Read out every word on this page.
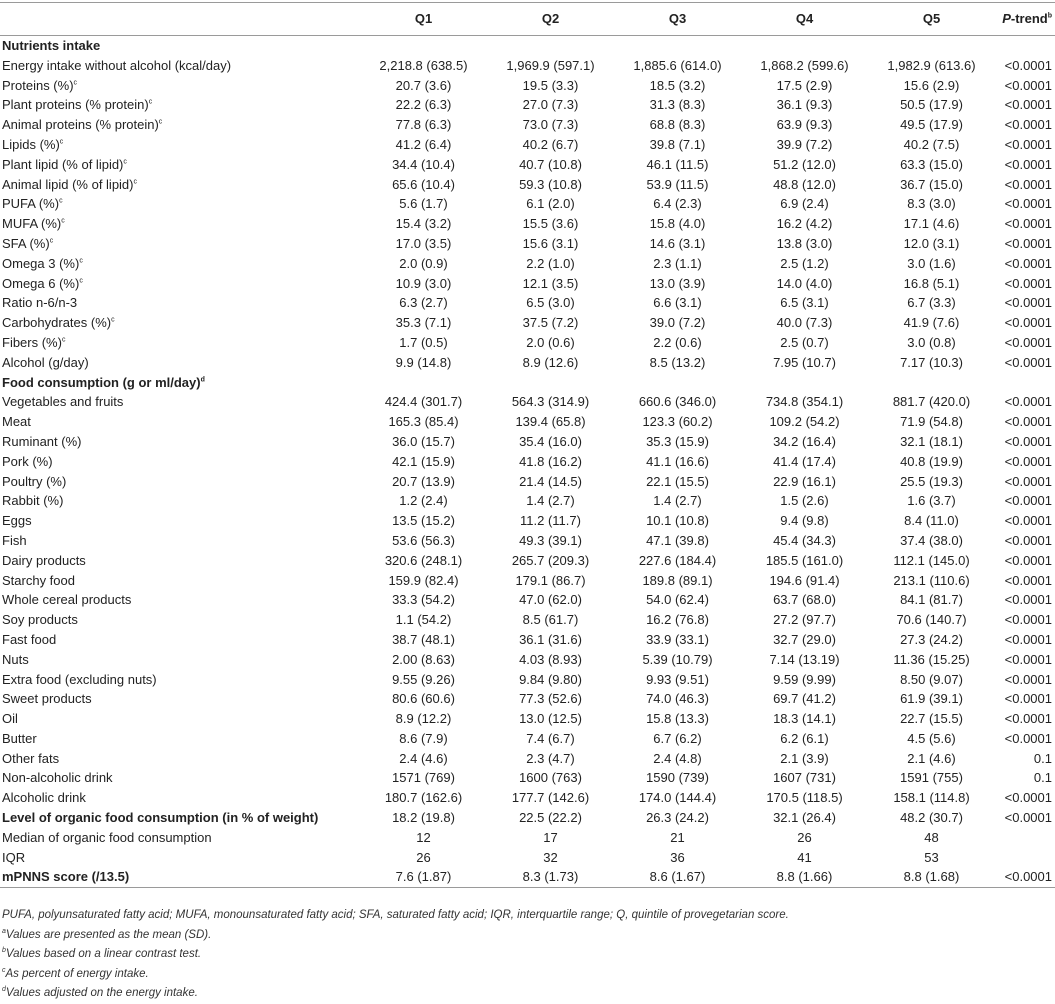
	Q1	Q2	Q3	Q4	Q5	P-trend$^b$
Nutrients intake						
Energy intake without alcohol (kcal/day)	2,218.8 (638.5)	1,969.9 (597.1)	1,885.6 (614.0)	1,868.2 (599.6)	1,982.9 (613.6)	<0.0001
Proteins (%)$^c$	20.7 (3.6)	19.5 (3.3)	18.5 (3.2)	17.5 (2.9)	15.6 (2.9)	<0.0001
Plant proteins (% protein)$^c$	22.2 (6.3)	27.0 (7.3)	31.3 (8.3)	36.1 (9.3)	50.5 (17.9)	<0.0001
Animal proteins (% protein)$^c$	77.8 (6.3)	73.0 (7.3)	68.8 (8.3)	63.9 (9.3)	49.5 (17.9)	<0.0001
Lipids (%)$^c$	41.2 (6.4)	40.2 (6.7)	39.8 (7.1)	39.9 (7.2)	40.2 (7.5)	<0.0001
Plant lipid (% of lipid)$^c$	34.4 (10.4)	40.7 (10.8)	46.1 (11.5)	51.2 (12.0)	63.3 (15.0)	<0.0001
Animal lipid (% of lipid)$^c$	65.6 (10.4)	59.3 (10.8)	53.9 (11.5)	48.8 (12.0)	36.7 (15.0)	<0.0001
PUFA (%)$^c$	5.6 (1.7)	6.1 (2.0)	6.4 (2.3)	6.9 (2.4)	8.3 (3.0)	<0.0001
MUFA (%)$^c$	15.4 (3.2)	15.5 (3.6)	15.8 (4.0)	16.2 (4.2)	17.1 (4.6)	<0.0001
SFA (%)$^c$	17.0 (3.5)	15.6 (3.1)	14.6 (3.1)	13.8 (3.0)	12.0 (3.1)	<0.0001
Omega 3 (%)$^c$	2.0 (0.9)	2.2 (1.0)	2.3 (1.1)	2.5 (1.2)	3.0 (1.6)	<0.0001
Omega 6 (%)$^c$	10.9 (3.0)	12.1 (3.5)	13.0 (3.9)	14.0 (4.0)	16.8 (5.1)	<0.0001
Ratio n-6/n-3	6.3 (2.7)	6.5 (3.0)	6.6 (3.1)	6.5 (3.1)	6.7 (3.3)	<0.0001
Carbohydrates (%)$^c$	35.3 (7.1)	37.5 (7.2)	39.0 (7.2)	40.0 (7.3)	41.9 (7.6)	<0.0001
Fibers (%)$^c$	1.7 (0.5)	2.0 (0.6)	2.2 (0.6)	2.5 (0.7)	3.0 (0.8)	<0.0001
Alcohol (g/day)	9.9 (14.8)	8.9 (12.6)	8.5 (13.2)	7.95 (10.7)	7.17 (10.3)	<0.0001
Food consumption (g or ml/day)$^d$						
Vegetables and fruits	424.4 (301.7)	564.3 (314.9)	660.6 (346.0)	734.8 (354.1)	881.7 (420.0)	<0.0001
Meat	165.3 (85.4)	139.4 (65.8)	123.3 (60.2)	109.2 (54.2)	71.9 (54.8)	<0.0001
Ruminant (%)	36.0 (15.7)	35.4 (16.0)	35.3 (15.9)	34.2 (16.4)	32.1 (18.1)	<0.0001
Pork (%)	42.1 (15.9)	41.8 (16.2)	41.1 (16.6)	41.4 (17.4)	40.8 (19.9)	<0.0001
Poultry (%)	20.7 (13.9)	21.4 (14.5)	22.1 (15.5)	22.9 (16.1)	25.5 (19.3)	<0.0001
Rabbit (%)	1.2 (2.4)	1.4 (2.7)	1.4 (2.7)	1.5 (2.6)	1.6 (3.7)	<0.0001
Eggs	13.5 (15.2)	11.2 (11.7)	10.1 (10.8)	9.4 (9.8)	8.4 (11.0)	<0.0001
Fish	53.6 (56.3)	49.3 (39.1)	47.1 (39.8)	45.4 (34.3)	37.4 (38.0)	<0.0001
Dairy products	320.6 (248.1)	265.7 (209.3)	227.6 (184.4)	185.5 (161.0)	112.1 (145.0)	<0.0001
Starchy food	159.9 (82.4)	179.1 (86.7)	189.8 (89.1)	194.6 (91.4)	213.1 (110.6)	<0.0001
Whole cereal products	33.3 (54.2)	47.0 (62.0)	54.0 (62.4)	63.7 (68.0)	84.1 (81.7)	<0.0001
Soy products	1.1 (54.2)	8.5 (61.7)	16.2 (76.8)	27.2 (97.7)	70.6 (140.7)	<0.0001
Fast food	38.7 (48.1)	36.1 (31.6)	33.9 (33.1)	32.7 (29.0)	27.3 (24.2)	<0.0001
Nuts	2.00 (8.63)	4.03 (8.93)	5.39 (10.79)	7.14 (13.19)	11.36 (15.25)	<0.0001
Extra food (excluding nuts)	9.55 (9.26)	9.84 (9.80)	9.93 (9.51)	9.59 (9.99)	8.50 (9.07)	<0.0001
Sweet products	80.6 (60.6)	77.3 (52.6)	74.0 (46.3)	69.7 (41.2)	61.9 (39.1)	<0.0001
Oil	8.9 (12.2)	13.0 (12.5)	15.8 (13.3)	18.3 (14.1)	22.7 (15.5)	<0.0001
Butter	8.6 (7.9)	7.4 (6.7)	6.7 (6.2)	6.2 (6.1)	4.5 (5.6)	<0.0001
Other fats	2.4 (4.6)	2.3 (4.7)	2.4 (4.8)	2.1 (3.9)	2.1 (4.6)	0.1
Non-alcoholic drink	1571 (769)	1600 (763)	1590 (739)	1607 (731)	1591 (755)	0.1
Alcoholic drink	180.7 (162.6)	177.7 (142.6)	174.0 (144.4)	170.5 (118.5)	158.1 (114.8)	<0.0001
Level of organic food consumption (in % of weight)	18.2 (19.8)	22.5 (22.2)	26.3 (24.2)	32.1 (26.4)	48.2 (30.7)	<0.0001
Median of organic food consumption	12	17	21	26	48	
IQR	26	32	36	41	53	
mPNNS score (/13.5)	7.6 (1.87)	8.3 (1.73)	8.6 (1.67)	8.8 (1.66)	8.8 (1.68)	<0.0001
PUFA, polyunsaturated fatty acid; MUFA, monounsaturated fatty acid; SFA, saturated fatty acid; IQR, interquartile range; Q, quintile of provegetarian score.
$^a$Values are presented as the mean (SD).
$^b$Values based on a linear contrast test.
$^c$As percent of energy intake.
$^d$Values adjusted on the energy intake.
